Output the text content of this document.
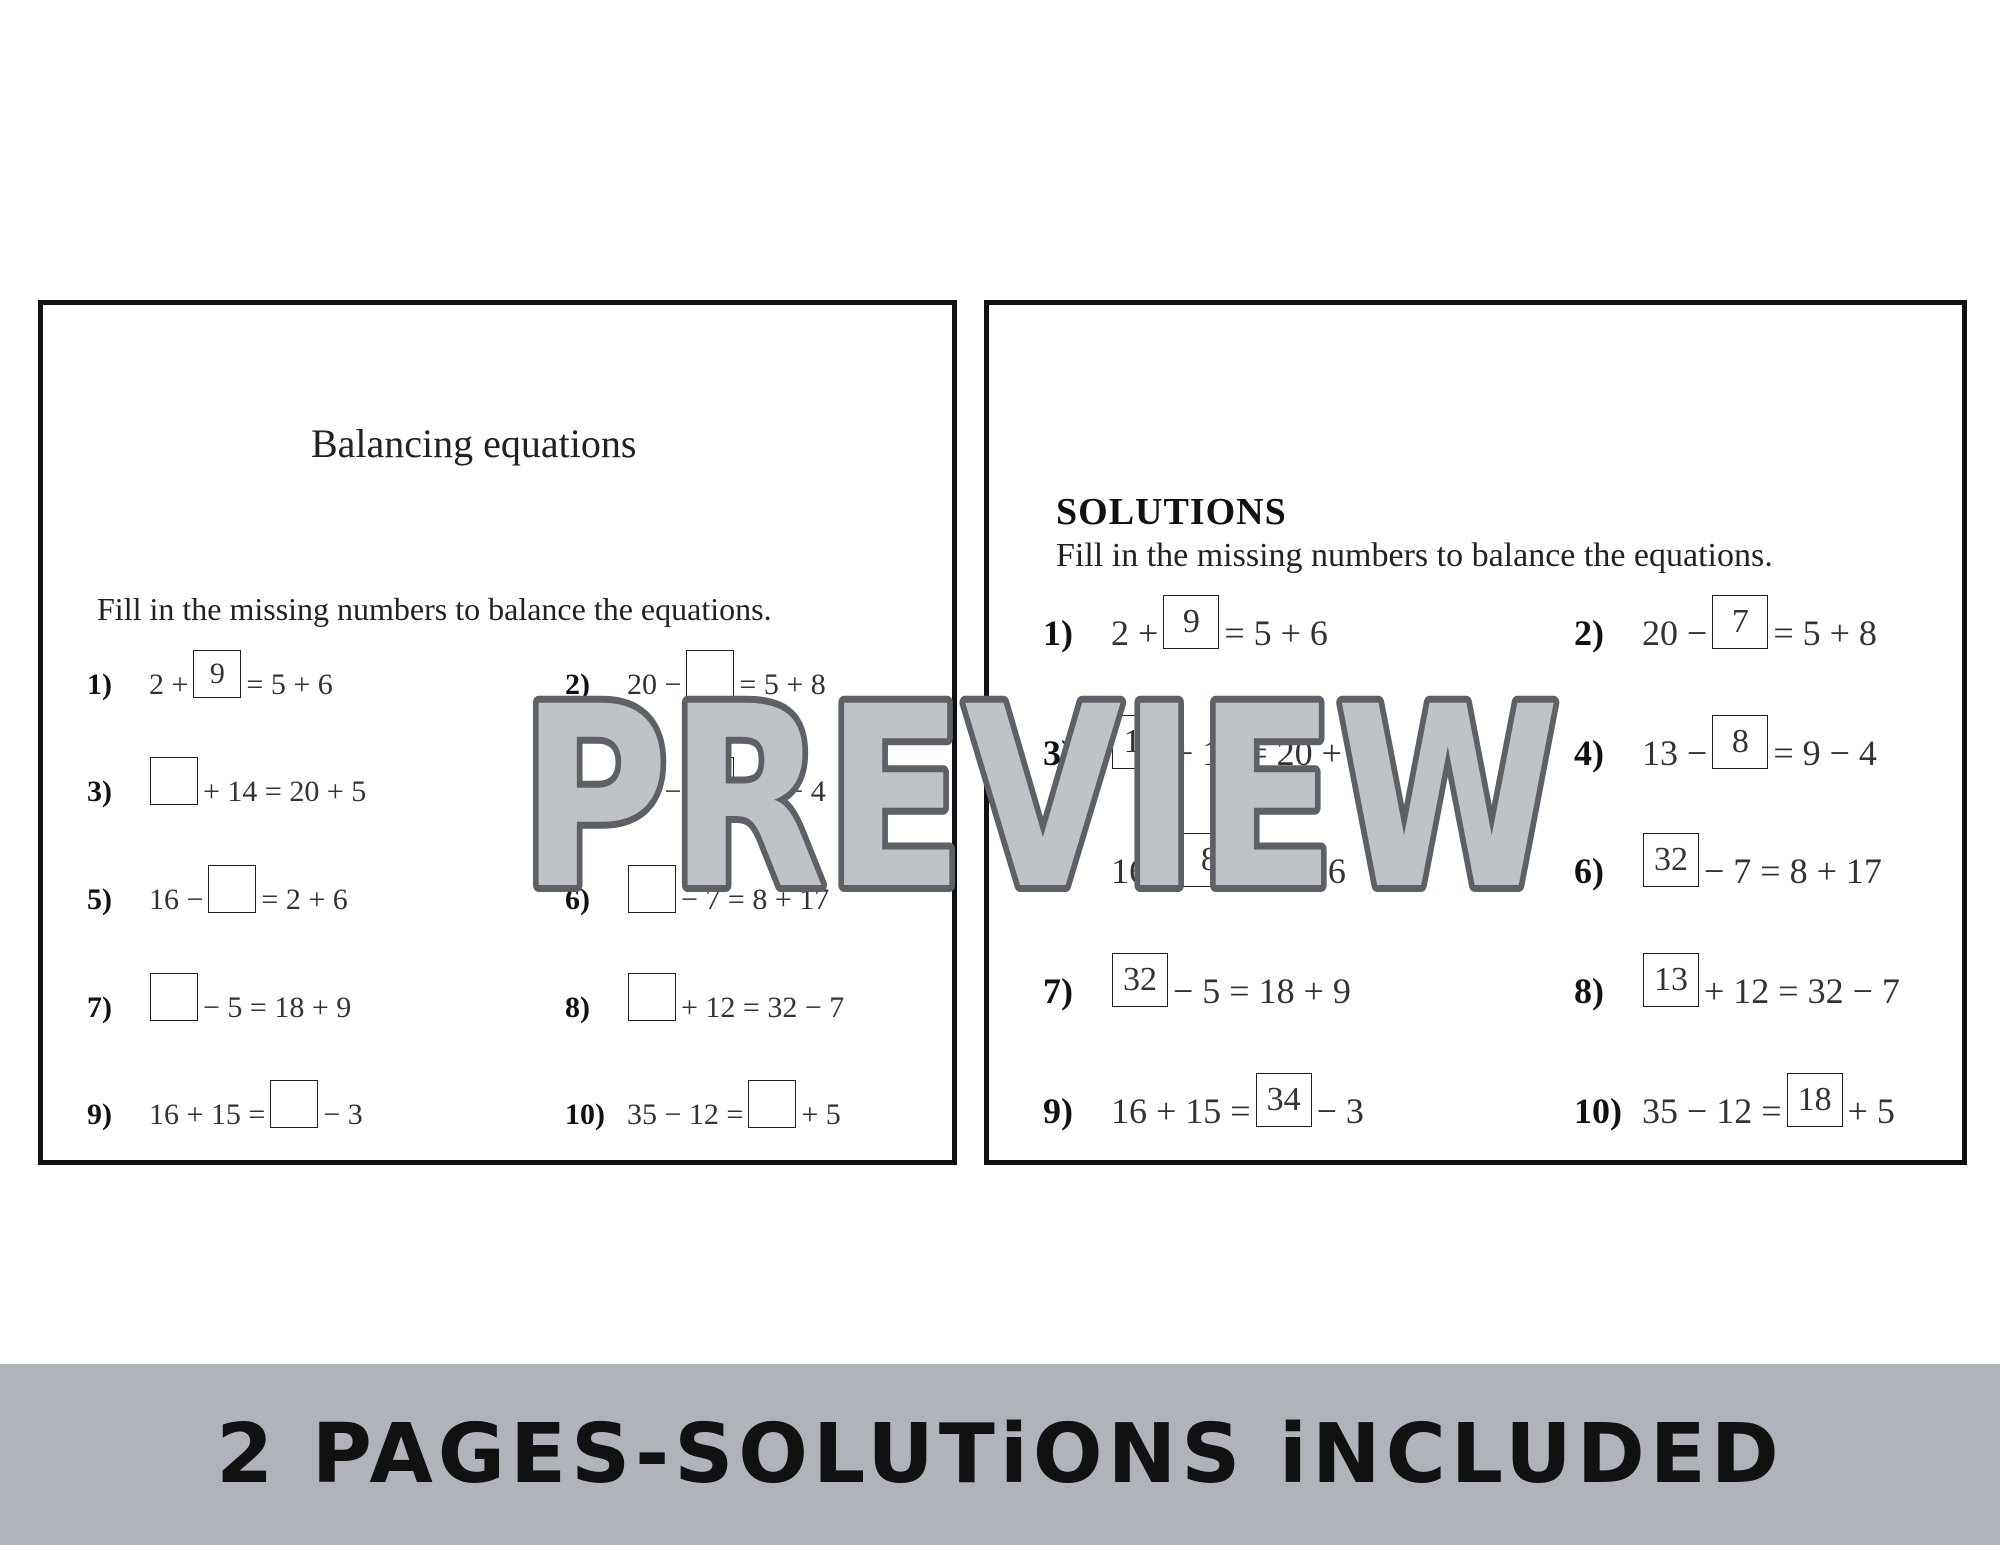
Balancing equations
Fill in the missing numbers to balance the equations.
1)	2 + 9 = 5 + 6	2)	20 − = 5 + 8
3)	+ 14 = 20 + 5	4)	13 − = 9 − 4
5)	16 − = 2 + 6	6)	− 7 = 8 + 17
7)	− 5 = 18 + 9	8)	+ 12 = 32 − 7
9)	16 + 15 = − 3	10) 35 − 12 = + 5
SOLUTIONS
Fill in the missing numbers to balance the equations.
1)	2 + 9 = 5 + 6	2)	20 − 7 = 5 + 8
3)	11 + 14 = 20 + 5	4)	13 − 8 = 9 − 4
5)	16 − 8 = 2 + 6	6)	32 − 7 = 8 + 17
7)	32 − 5 = 18 + 9	8)	13 + 12 = 32 − 7
9)	16 + 15 = 34 − 3	10) 35 − 12 = 18 + 5
PREVIEW
2 PAGES-SOLUTiONS iNCLUDED
